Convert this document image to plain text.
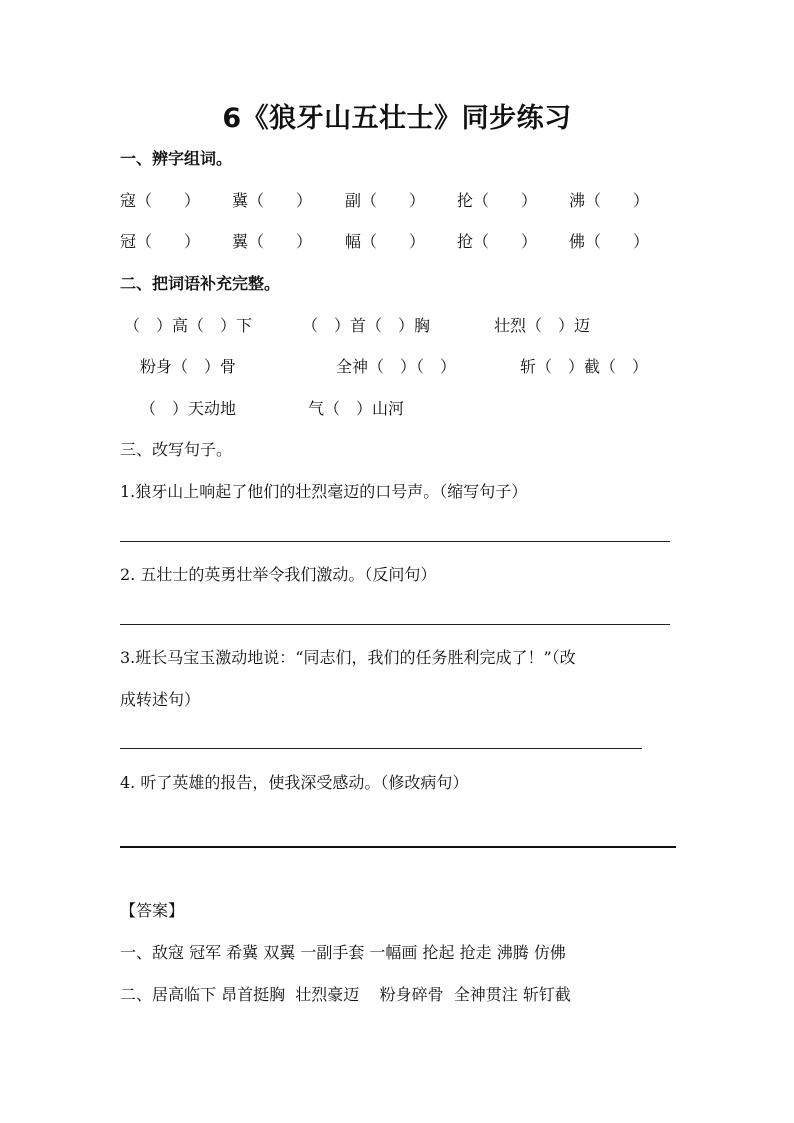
6《狼牙山五壮士》同步练习
一、辨字组词。
寇（　　） 冀（　　） 副（　　） 抡（　　） 沸（　　）
冠（　　） 翼（　　） 幅（　　） 抢（　　） 佛（　　）
二、把词语补充完整。
（　）高（　）下	（　）首（　）胸	壮烈（　）迈
粉身（　）骨	全神（　）（　）	斩（　）截（　）
（　）天动地	气（　）山河
三、改写句子。
1.狼牙山上响起了他们的壮烈毫迈的口号声。（缩写句子）
2. 五壮士的英勇壮举令我们激动。（反问句）
3.班长马宝玉激动地说：“同志们，我们的任务胜利完成了！”（改
成转述句）
4. 听了英雄的报告，使我深受感动。（修改病句）
【答案】
一、敌寇 冠军 希冀 双翼 一副手套 一幅画 抡起 抢走 沸腾 仿佛
二、居高临下 昂首挺胸  壮烈豪迈    粉身碎骨  全神贯注 斩钉截
